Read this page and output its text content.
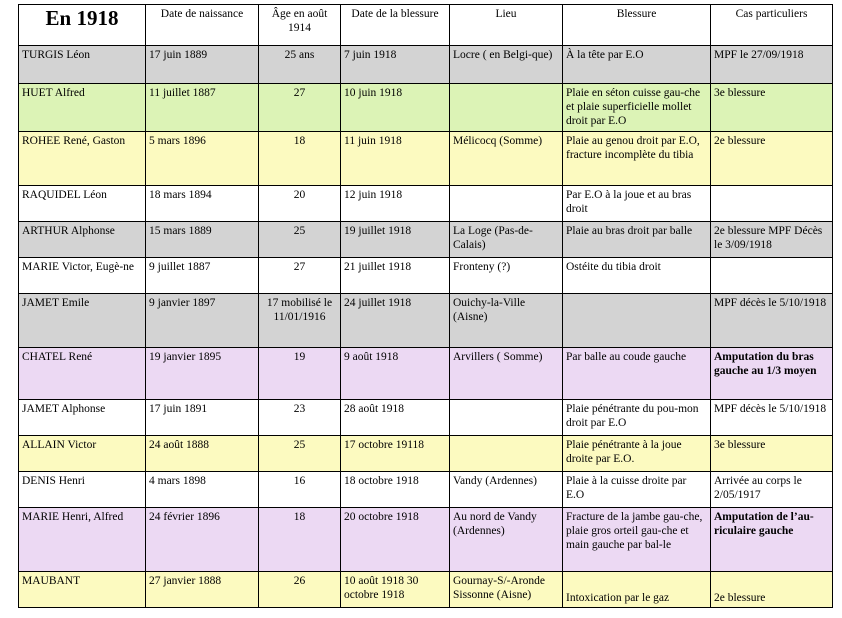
En 1918	Date de naissance	Âge en août 1914	Date de la blessure	Lieu	Blessure	Cas particuliers
TURGIS Léon	17 juin 1889	25 ans	7 juin 1918	Locre ( en Belgi-que)	À la tête par E.O	MPF le 27/09/1918
HUET Alfred	11 juillet 1887	27	10 juin 1918		Plaie en séton cuisse gau-che et plaie superficielle mollet droit par E.O	3e blessure
ROHEE René, Gaston	5 mars 1896	18	11 juin 1918	Mélicocq (Somme)	Plaie au genou droit par E.O, fracture incomplète du tibia	2e blessure
RAQUIDEL Léon	18 mars 1894	20	12 juin 1918		Par E.O à la joue et au bras droit	
ARTHUR Alphonse	15 mars 1889	25	19 juillet 1918	La Loge (Pas-de-Calais)	Plaie au bras droit par balle	2e blessure MPF Décès le 3/09/1918
MARIE Victor, Eugè-ne	9 juillet 1887	27	21 juillet 1918	Fronteny (?)	Ostéite du tibia droit	
JAMET Emile	9 janvier 1897	17 mobilisé le 11/01/1916	24 juillet 1918	Ouichy-la-Ville (Aisne)		MPF décès le 5/10/1918
CHATEL René	19 janvier 1895	19	9 août 1918	Arvillers ( Somme)	Par balle au coude gauche	Amputation du bras gauche au 1/3 moyen
JAMET Alphonse	17 juin 1891	23	28 août 1918		Plaie pénétrante du pou-mon droit par E.O	MPF décès le 5/10/1918
ALLAIN Victor	24 août 1888	25	17 octobre 19118		Plaie pénétrante à la joue droite par E.O.	3e blessure
DENIS Henri	4 mars 1898	16	18 octobre 1918	Vandy (Ardennes)	Plaie à la cuisse droite par E.O	Arrivée au corps le 2/05/1917
MARIE Henri, Alfred	24 février 1896	18	20 octobre 1918	Au nord de Vandy (Ardennes)	Fracture de la jambe gau-che, plaie gros orteil gau-che et main gauche par bal-le	Amputation de l’au-riculaire gauche
MAUBANT	27 janvier 1888	26	10 août 1918 30 octobre 1918	Gournay-S/-Aronde Sissonne (Aisne)	Intoxication par le gaz	2e blessure
